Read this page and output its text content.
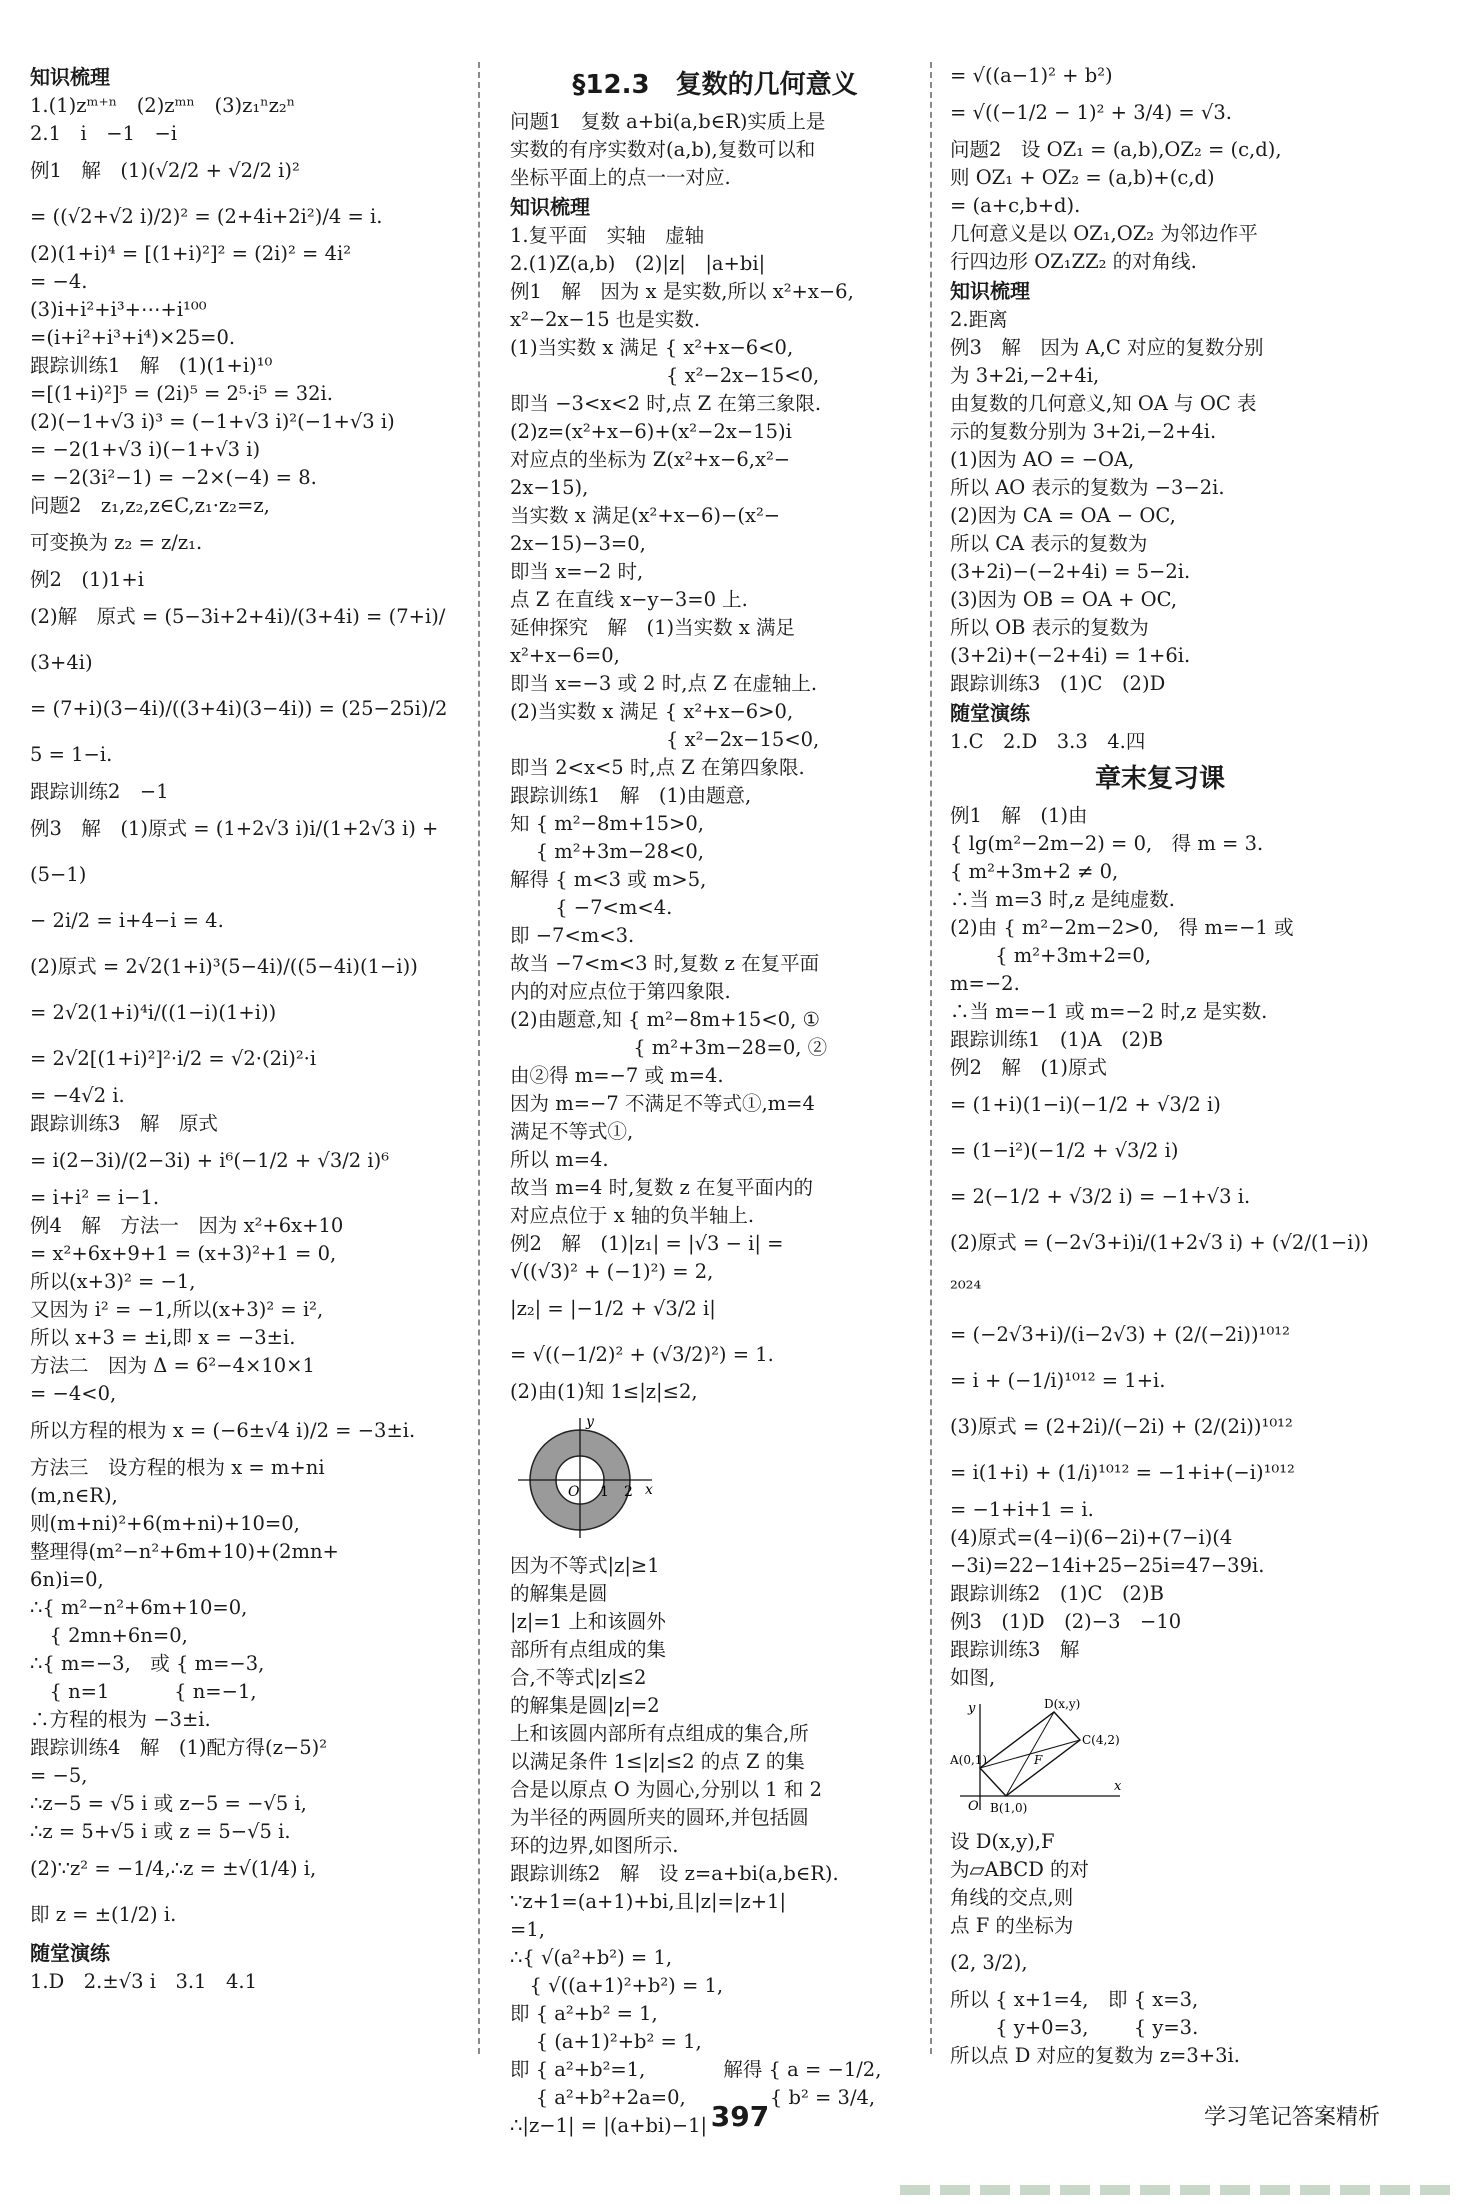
知识梳理
1.(1)zᵐ⁺ⁿ　(2)zᵐⁿ　(3)z₁ⁿz₂ⁿ
2.1　i　−1　−i
例1　解　(1)(√2/2 + √2/2 i)²
= ((√2+√2 i)/2)² = (2+4i+2i²)/4 = i.
(2)(1+i)⁴ = [(1+i)²]² = (2i)² = 4i²
= −4.
(3)i+i²+i³+⋯+i¹⁰⁰
=(i+i²+i³+i⁴)×25=0.
跟踪训练1　解　(1)(1+i)¹⁰
=[(1+i)²]⁵ = (2i)⁵ = 2⁵·i⁵ = 32i.
(2)(−1+√3 i)³ = (−1+√3 i)²(−1+√3 i)
= −2(1+√3 i)(−1+√3 i)
= −2(3i²−1) = −2×(−4) = 8.
问题2　z₁,z₂,z∈C,z₁·z₂=z,
可变换为 z₂ = z/z₁.
例2　(1)1+i
(2)解　原式 = (5−3i+2+4i)/(3+4i) = (7+i)/(3+4i)
= (7+i)(3−4i)/((3+4i)(3−4i)) = (25−25i)/25 = 1−i.
跟踪训练2　−1
例3　解　(1)原式 = (1+2√3 i)i/(1+2√3 i) + (5−1)
− 2i/2 = i+4−i = 4.
(2)原式 = 2√2(1+i)³(5−4i)/((5−4i)(1−i))
= 2√2(1+i)⁴i/((1−i)(1+i))
= 2√2[(1+i)²]²·i/2 = √2·(2i)²·i
= −4√2 i.
跟踪训练3　解　原式
= i(2−3i)/(2−3i) + i⁶(−1/2 + √3/2 i)⁶
= i+i² = i−1.
例4　解　方法一　因为 x²+6x+10
= x²+6x+9+1 = (x+3)²+1 = 0,
所以(x+3)² = −1,
又因为 i² = −1,所以(x+3)² = i²,
所以 x+3 = ±i,即 x = −3±i.
方法二　因为 Δ = 6²−4×10×1
= −4<0,
所以方程的根为 x = (−6±√4 i)/2 = −3±i.
方法三　设方程的根为 x = m+ni
(m,n∈R),
则(m+ni)²+6(m+ni)+10=0,
整理得(m²−n²+6m+10)+(2mn+
6n)i=0,
∴{ m²−n²+6m+10=0,
　{ 2mn+6n=0,
∴{ m=−3,　或 { m=−3,
　{ n=1　　　 { n=−1,
∴方程的根为 −3±i.
跟踪训练4　解　(1)配方得(z−5)²
= −5,
∴z−5 = √5 i 或 z−5 = −√5 i,
∴z = 5+√5 i 或 z = 5−√5 i.
(2)∵z² = −1/4,∴z = ±√(1/4) i,
即 z = ±(1/2) i.
随堂演练
1.D　2.±√3 i　3.1　4.1
§12.3　复数的几何意义
问题1　复数 a+bi(a,b∈R)实质上是
实数的有序实数对(a,b),复数可以和
坐标平面上的点一一对应.
知识梳理
1.复平面　实轴　虚轴
2.(1)Z(a,b)　(2)|z|　|a+bi|
例1　解　因为 x 是实数,所以 x²+x−6,
x²−2x−15 也是实数.
(1)当实数 x 满足 { x²+x−6<0,
　　　　　　　　{ x²−2x−15<0,
即当 −3<x<2 时,点 Z 在第三象限.
(2)z=(x²+x−6)+(x²−2x−15)i
对应点的坐标为 Z(x²+x−6,x²−
2x−15),
当实数 x 满足(x²+x−6)−(x²−
2x−15)−3=0,
即当 x=−2 时,
点 Z 在直线 x−y−3=0 上.
延伸探究　解　(1)当实数 x 满足
x²+x−6=0,
即当 x=−3 或 2 时,点 Z 在虚轴上.
(2)当实数 x 满足 { x²+x−6>0,
　　　　　　　　{ x²−2x−15<0,
即当 2<x<5 时,点 Z 在第四象限.
跟踪训练1　解　(1)由题意,
知 { m²−8m+15>0,
　 { m²+3m−28<0,
解得 { m<3 或 m>5,
　　 { −7<m<4.
即 −7<m<3.
故当 −7<m<3 时,复数 z 在复平面
内的对应点位于第四象限.
(2)由题意,知 { m²−8m+15<0, ①
　　　　　　 { m²+3m−28=0, ②
由②得 m=−7 或 m=4.
因为 m=−7 不满足不等式①,m=4
满足不等式①,
所以 m=4.
故当 m=4 时,复数 z 在复平面内的
对应点位于 x 轴的负半轴上.
例2　解　(1)|z₁| = |√3 − i| =
√((√3)² + (−1)²) = 2,
|z₂| = |−1/2 + √3/2 i|
= √((−1/2)² + (√3/2)²) = 1.
(2)由(1)知 1≤|z|≤2,
x
y
O 1 2
因为不等式|z|≥1
的解集是圆
|z|=1 上和该圆外
部所有点组成的集
合,不等式|z|≤2
的解集是圆|z|=2
上和该圆内部所有点组成的集合,所
以满足条件 1≤|z|≤2 的点 Z 的集
合是以原点 O 为圆心,分别以 1 和 2
为半径的两圆所夹的圆环,并包括圆
环的边界,如图所示.
跟踪训练2　解　设 z=a+bi(a,b∈R).
∵z+1=(a+1)+bi,且|z|=|z+1|
=1,
∴{ √(a²+b²) = 1,
　{ √((a+1)²+b²) = 1,
即 { a²+b² = 1,
　 { (a+1)²+b² = 1,
即 { a²+b²=1,　　　　解得 { a = −1/2,
　 { a²+b²+2a=0,　　　　 { b² = 3/4,
∴|z−1| = |(a+bi)−1|
= √((a−1)² + b²)
= √((−1/2 − 1)² + 3/4) = √3.
问题2　设 OZ₁ = (a,b),OZ₂ = (c,d),
则 OZ₁ + OZ₂ = (a,b)+(c,d)
= (a+c,b+d).
几何意义是以 OZ₁,OZ₂ 为邻边作平
行四边形 OZ₁ZZ₂ 的对角线.
知识梳理
2.距离
例3　解　因为 A,C 对应的复数分别
为 3+2i,−2+4i,
由复数的几何意义,知 OA 与 OC 表
示的复数分别为 3+2i,−2+4i.
(1)因为 AO = −OA,
所以 AO 表示的复数为 −3−2i.
(2)因为 CA = OA − OC,
所以 CA 表示的复数为
(3+2i)−(−2+4i) = 5−2i.
(3)因为 OB = OA + OC,
所以 OB 表示的复数为
(3+2i)+(−2+4i) = 1+6i.
跟踪训练3　(1)C　(2)D
随堂演练
1.C　2.D　3.3　4.四
章末复习课
例1　解　(1)由
{ lg(m²−2m−2) = 0,　得 m = 3.
{ m²+3m+2 ≠ 0,
∴当 m=3 时,z 是纯虚数.
(2)由 { m²−2m−2>0,　得 m=−1 或
　　 { m²+3m+2=0,
m=−2.
∴当 m=−1 或 m=−2 时,z 是实数.
跟踪训练1　(1)A　(2)B
例2　解　(1)原式
= (1+i)(1−i)(−1/2 + √3/2 i)
= (1−i²)(−1/2 + √3/2 i)
= 2(−1/2 + √3/2 i) = −1+√3 i.
(2)原式 = (−2√3+i)i/(1+2√3 i) + (√2/(1−i))²⁰²⁴
= (−2√3+i)/(i−2√3) + (2/(−2i))¹⁰¹²
= i + (−1/i)¹⁰¹² = 1+i.
(3)原式 = (2+2i)/(−2i) + (2/(2i))¹⁰¹²
= i(1+i) + (1/i)¹⁰¹² = −1+i+(−i)¹⁰¹²
= −1+i+1 = i.
(4)原式=(4−i)(6−2i)+(7−i)(4
−3i)=22−14i+25−25i=47−39i.
跟踪训练2　(1)C　(2)B
例3　(1)D　(2)−3　−10
跟踪训练3　解
如图,
x
y
O
A(0,1)
B(1,0)
C(4,2)
D(x,y)
F
设 D(x,y),F
为▱ABCD 的对
角线的交点,则
点 F 的坐标为
(2, 3/2),
所以 { x+1=4,　即 { x=3,
　　 { y+0=3,　　 { y=3.
所以点 D 对应的复数为 z=3+3i.
397	学习笔记答案精析
